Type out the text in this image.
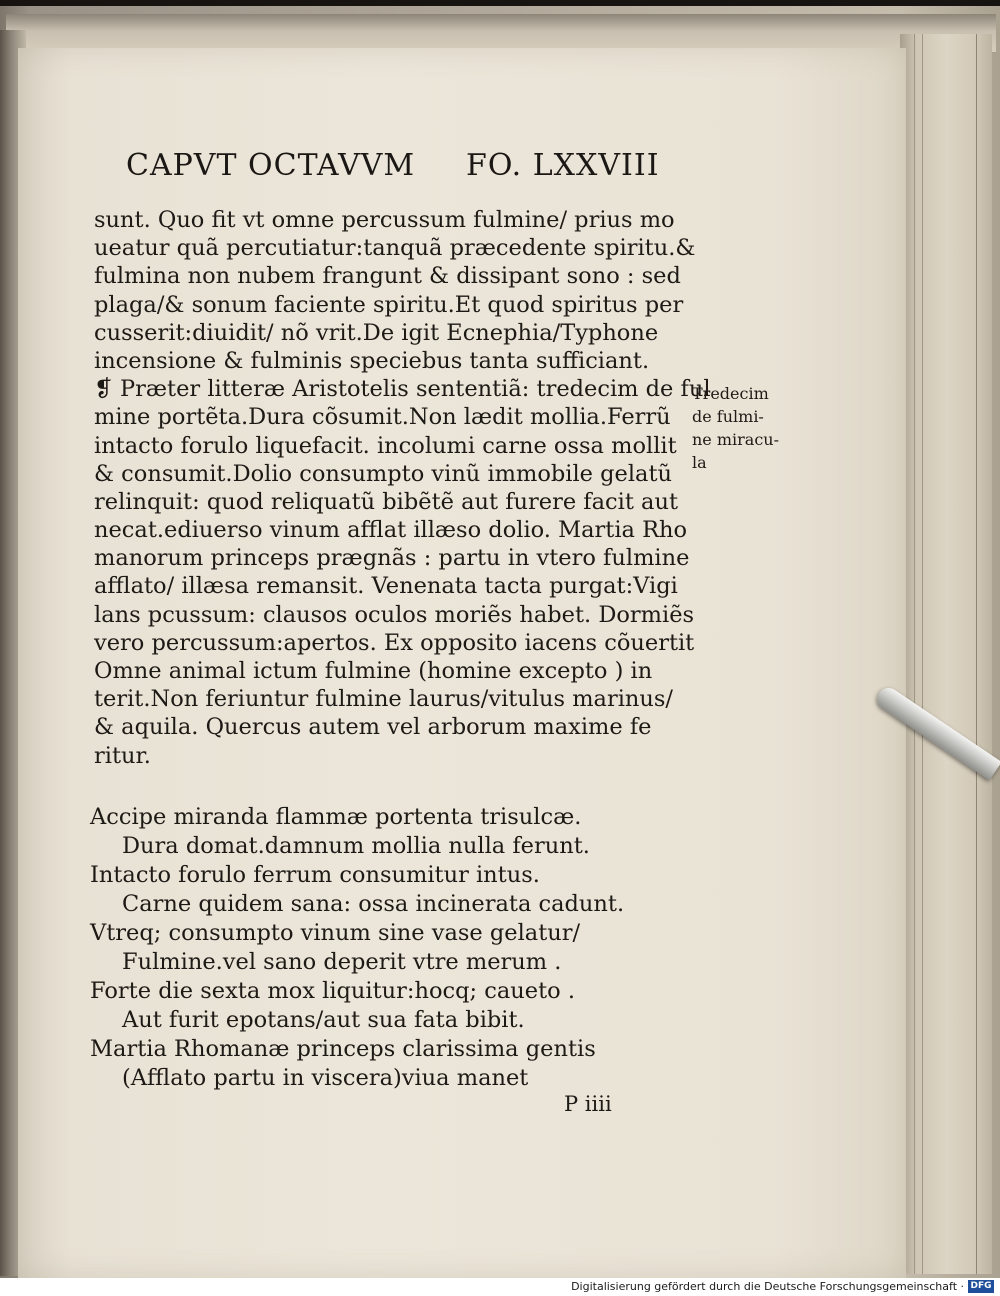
CAPVT OCTAVVM FO. LXXVIII
sunt. Quo fit vt omne percussum fulmine/ prius mo
ueatur quã percutiatur:tanquã præcedente spiritu.&
fulmina non nubem frangunt & dissipant sono : sed
plaga/& sonum faciente spiritu.Et quod spiritus per
cusserit:diuidit/ nõ vrit.De igit Ecnephia/Typhone
incensione & fulminis speciebus tanta sufficiant.
❡ Præter litteræ Aristotelis sententiã: tredecim de ful
mine portẽta.Dura cõsumit.Non lædit mollia.Ferrũ
intacto forulo liquefacit. incolumi carne ossa mollit
& consumit.Dolio consumpto vinũ immobile gelatũ
relinquit: quod reliquatũ bibẽtẽ aut furere facit aut
necat.ediuerso vinum afflat illæso dolio. Martia Rho
manorum princeps prægnãs : partu in vtero fulmine
afflato/ illæsa remansit. Venenata tacta purgat:Vigi
lans pcussum: clausos oculos moriẽs habet. Dormiẽs
vero percussum:apertos. Ex opposito iacens cõuertit
Omne animal ictum fulmine (homine excepto ) in
terit.Non feriuntur fulmine laurus/vitulus marinus/
& aquila. Quercus autem vel arborum maxime fe
ritur.
Tredecim
de fulmi-
ne miracu-
la
Accipe miranda flammæ portenta trisulcæ.
Dura domat.damnum mollia nulla ferunt.
Intacto forulo ferrum consumitur intus.
Carne quidem sana: ossa incinerata cadunt.
Vtreq; consumpto vinum sine vase gelatur/
Fulmine.vel sano deperit vtre merum .
Forte die sexta mox liquitur:hocq; caueto .
Aut furit epotans/aut sua fata bibit.
Martia Rhomanæ princeps clarissima gentis
(Afflato partu in viscera)viua manet
P iiii
Digitalisierung gefördert durch die Deutsche Forschungsgemeinschaft · DFG
